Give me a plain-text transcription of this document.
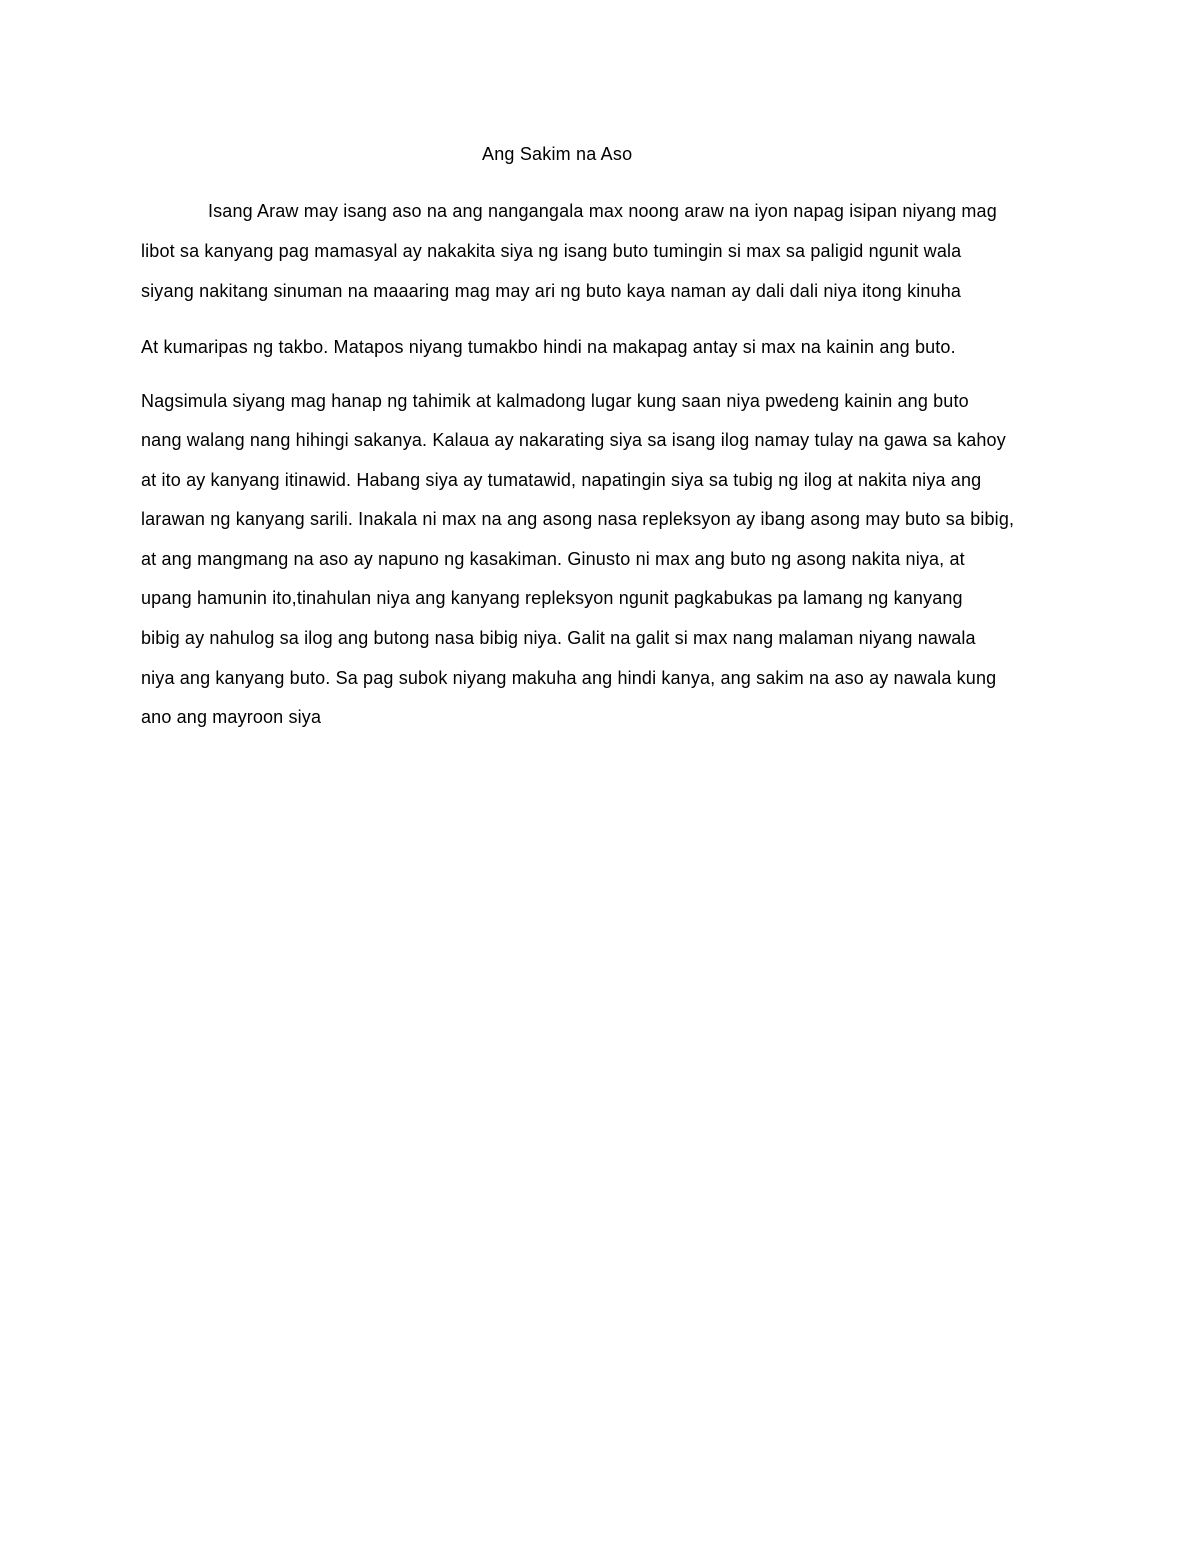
Ang Sakim na Aso
Isang Araw may isang aso na ang nangangala max noong araw na iyon napag isipan niyang mag
libot sa kanyang pag mamasyal ay nakakita siya ng isang buto tumingin si max sa paligid ngunit wala
siyang nakitang sinuman na maaaring mag may ari ng buto kaya naman ay dali dali niya itong kinuha
At kumaripas ng takbo. Matapos niyang tumakbo hindi na makapag antay si max na kainin ang buto.
Nagsimula siyang mag hanap ng tahimik at kalmadong lugar kung saan niya pwedeng kainin ang buto
nang walang nang hihingi sakanya. Kalaua ay nakarating siya sa isang ilog namay tulay na gawa sa kahoy
at ito ay kanyang itinawid. Habang siya ay tumatawid, napatingin siya sa tubig ng ilog at nakita niya ang
larawan ng kanyang sarili. Inakala ni max na ang asong nasa repleksyon ay ibang asong may buto sa bibig,
at ang mangmang na aso ay napuno ng kasakiman. Ginusto ni max ang buto ng asong nakita niya, at
upang hamunin ito,tinahulan niya ang kanyang repleksyon ngunit pagkabukas pa lamang ng kanyang
bibig ay nahulog sa ilog ang butong nasa bibig niya. Galit na galit si max nang malaman niyang nawala
niya ang kanyang buto. Sa pag subok niyang makuha ang hindi kanya, ang sakim na aso ay nawala kung
ano ang mayroon siya
